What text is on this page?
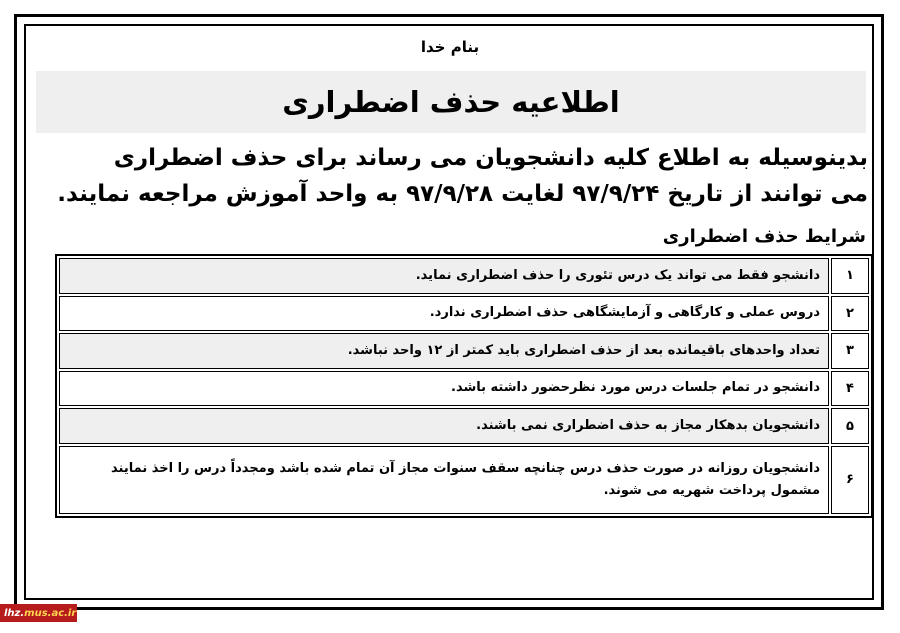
بنام خدا
اطلاعیه حذف اضطراری
بدینوسیله به اطلاع کلیه دانشجویان می رساند برای حذف اضطراری
می توانند از تاریخ ۹۷/۹/۲۴ لغایت ۹۷/۹/۲۸ به واحد آموزش مراجعه نمایند.
شرایط حذف اضطراری
۱	دانشجو فقط می تواند یک درس تئوری را حذف اضطراری نماید.
۲	دروس عملی و کارگاهی و آزمایشگاهی حذف اضطراری ندارد.
۳	تعداد واحدهای باقیمانده بعد از حذف اضطراری باید کمتر از ۱۲ واحد نباشد.
۴	دانشجو در تمام جلسات درس مورد نظرحضور داشته باشد.
۵	دانشجویان بدهکار مجاز به حذف اضطراری نمی باشند.
۶	دانشجویان روزانه در صورت حذف درس چنانچه سقف سنوات مجاز آن تمام شده باشد ومجدداً درس را اخذ نمایند مشمول پرداخت شهریه می شوند.
lhz. mus.ac.ir
